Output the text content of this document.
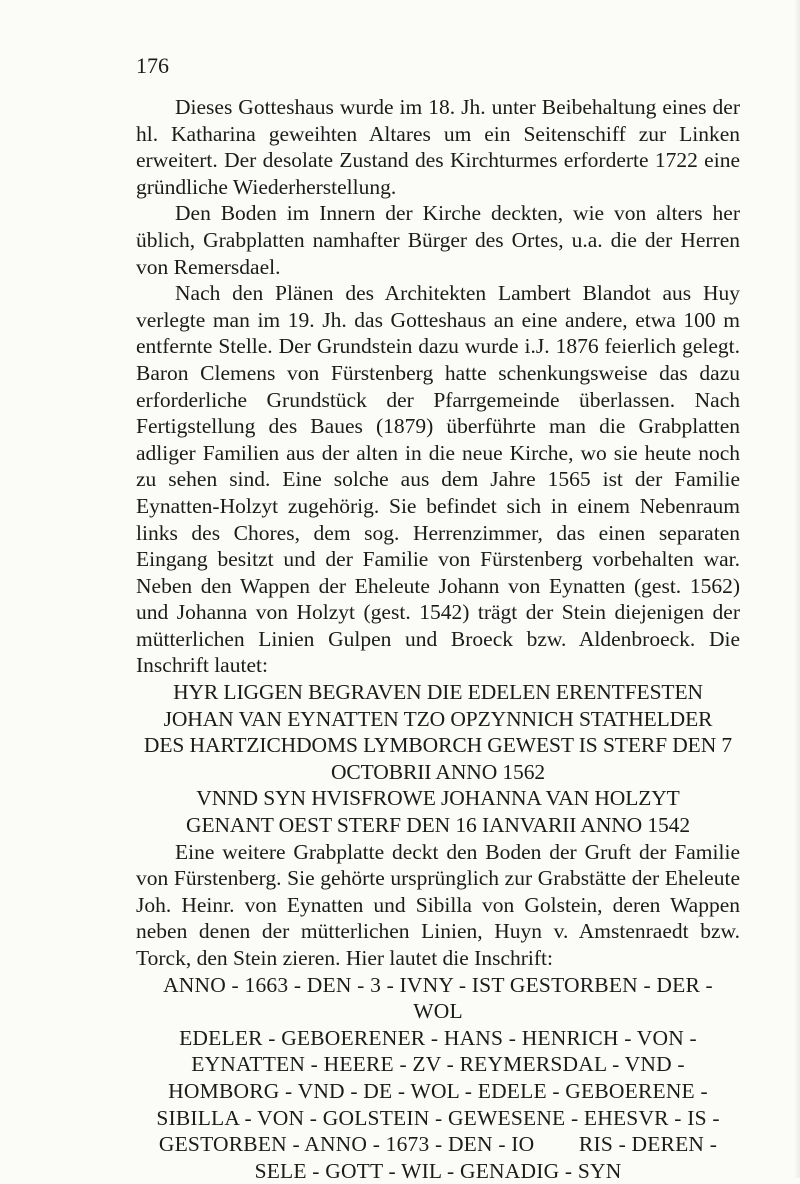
176

Dieses Gotteshaus wurde im 18. Jh. unter Beibehaltung eines der hl. Katharina geweihten Altares um ein Seitenschiff zur Linken erweitert. Der desolate Zustand des Kirchturmes erforderte 1722 eine gründliche Wiederherstellung.

Den Boden im Innern der Kirche deckten, wie von alters her üblich, Grabplatten namhafter Bürger des Ortes, u.a. die der Herren von Remersdael.

Nach den Plänen des Architekten Lambert Blandot aus Huy verlegte man im 19. Jh. das Gotteshaus an eine andere, etwa 100 m entfernte Stelle. Der Grundstein dazu wurde i.J. 1876 feierlich gelegt. Baron Clemens von Fürstenberg hatte schenkungsweise das dazu erforderliche Grundstück der Pfarrgemeinde überlassen. Nach Fertigstellung des Baues (1879) überführte man die Grabplatten adliger Familien aus der alten in die neue Kirche, wo sie heute noch zu sehen sind. Eine solche aus dem Jahre 1565 ist der Familie Eynatten-Holzyt zugehörig. Sie befindet sich in einem Nebenraum links des Chores, dem sog. Herrenzimmer, das einen separaten Eingang besitzt und der Familie von Fürstenberg vorbehalten war. Neben den Wappen der Eheleute Johann von Eynatten (gest. 1562) und Johanna von Holzyt (gest. 1542) trägt der Stein diejenigen der mütterlichen Linien Gulpen und Broeck bzw. Aldenbroeck. Die Inschrift lautet:

HYR LIGGEN BEGRAVEN DIE EDELEN ERENTFESTEN
JOHAN VAN EYNATTEN TZO OPZYNNICH STATHELDER
DES HARTZICHDOMS LYMBORCH GEWEST IS STERF DEN 7
OCTOBRII ANNO 1562
VNND SYN HVISFROWE JOHANNA VAN HOLZYT
GENANT OEST STERF DEN 16 IANVARII ANNO 1542

Eine weitere Grabplatte deckt den Boden der Gruft der Familie von Fürstenberg. Sie gehörte ursprünglich zur Grabstätte der Eheleute Joh. Heinr. von Eynatten und Sibilla von Golstein, deren Wappen neben denen der mütterlichen Linien, Huyn v. Amstenraedt bzw. Torck, den Stein zieren. Hier lautet die Inschrift:

ANNO - 1663 - DEN - 3 - IVNY - IST GESTORBEN - DER - WOL
EDELER - GEBOERENER - HANS - HENRICH - VON -
EYNATTEN - HEERE - ZV - REYMERSDAL - VND -
HOMBORG - VND - DE - WOL - EDELE - GEBOERENE -
SIBILLA - VON - GOLSTEIN - GEWESENE - EHESVR - IS -
GESTORBEN - ANNO - 1673 - DEN - IO        RIS - DEREN -
SELE - GOTT - WIL - GENADIG - SYN
